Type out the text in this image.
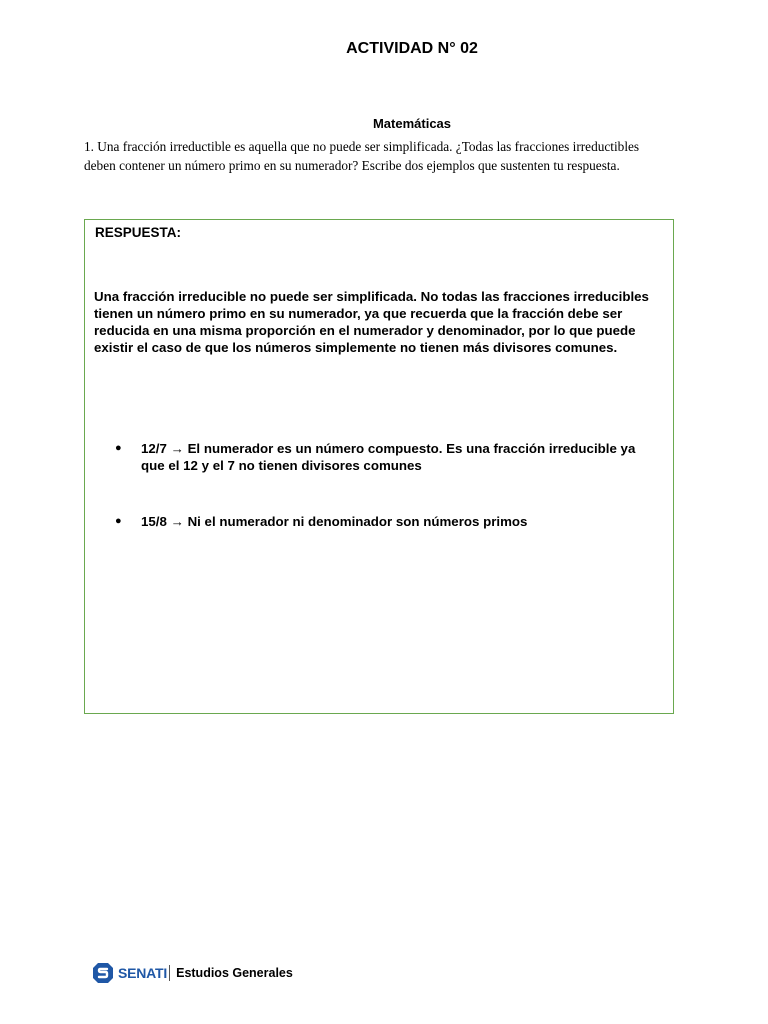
ACTIVIDAD N° 02
Matemáticas
1. Una fracción irreductible es aquella que no puede ser simplificada. ¿Todas las fracciones irreductibles deben contener un número primo en su numerador? Escribe dos ejemplos que sustenten tu respuesta.
RESPUESTA:
Una fracción irreducible no puede ser simplificada. No todas las fracciones irreducibles tienen un número primo en su numerador, ya que recuerda que la fracción debe ser reducida en una misma proporción en el numerador y denominador, por lo que puede existir el caso de que los números simplemente no tienen más divisores comunes.
● 12/7 → El numerador es un número compuesto. Es una fracción irreducible ya que el 12 y el 7 no tienen divisores comunes
● 15/8 → Ni el numerador ni denominador son números primos
SENATI Estudios Generales
